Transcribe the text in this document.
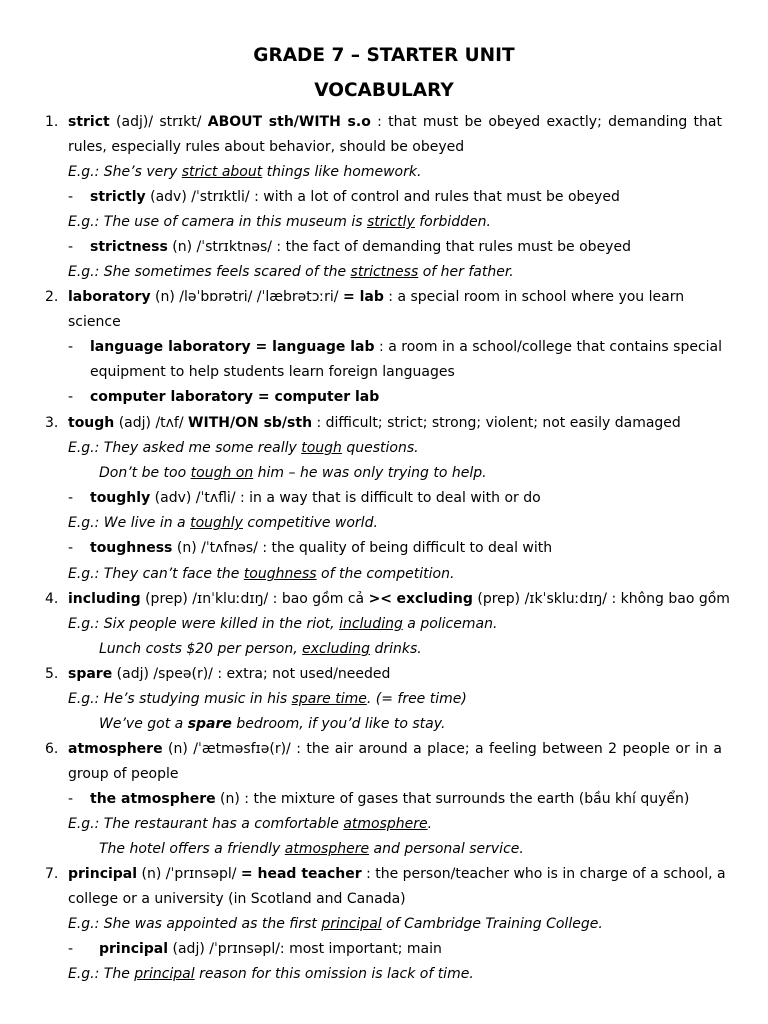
GRADE 7 – STARTER UNIT
VOCABULARY
1. strict (adj)/ strɪkt/ ABOUT sth/WITH s.o : that must be obeyed exactly; demanding that
rules, especially rules about behavior, should be obeyed
E.g.: She’s very strict about things like homework.
- strictly (adv) /ˈstrɪktli/ : with a lot of control and rules that must be obeyed
E.g.: The use of camera in this museum is strictly forbidden.
- strictness (n) /ˈstrɪktnəs/ : the fact of demanding that rules must be obeyed
E.g.: She sometimes feels scared of the strictness of her father.
2. laboratory (n) /ləˈbɒrətri/ /ˈlæbrətɔːri/ = lab : a special room in school where you learn
science
- language laboratory = language lab : a room in a school/college that contains special
equipment to help students learn foreign languages
- computer laboratory = computer lab
3. tough (adj) /tʌf/ WITH/ON sb/sth : difficult; strict; strong; violent; not easily damaged
E.g.: They asked me some really tough questions.
Don’t be too tough on him – he was only trying to help.
- toughly (adv) /ˈtʌfli/ : in a way that is difficult to deal with or do
E.g.: We live in a toughly competitive world.
- toughness (n) /ˈtʌfnəs/ : the quality of being difficult to deal with
E.g.: They can’t face the toughness of the competition.
4. including (prep) /ɪnˈkluːdɪŋ/ : bao gồm cả >< excluding (prep) /ɪkˈskluːdɪŋ/ : không bao gồm
E.g.: Six people were killed in the riot, including a policeman.
Lunch costs $20 per person, excluding drinks.
5. spare (adj) /speə(r)/ : extra; not used/needed
E.g.: He’s studying music in his spare time. (= free time)
We’ve got a spare bedroom, if you’d like to stay.
6. atmosphere (n) /ˈætməsfɪə(r)/ : the air around a place; a feeling between 2 people or in a
group of people
- the atmosphere (n) : the mixture of gases that surrounds the earth (bầu khí quyển)
E.g.: The restaurant has a comfortable atmosphere.
The hotel offers a friendly atmosphere and personal service.
7. principal (n) /ˈprɪnsəpl/ = head teacher : the person/teacher who is in charge of a school, a
college or a university (in Scotland and Canada)
E.g.: She was appointed as the first principal of Cambridge Training College.
- principal (adj) /ˈprɪnsəpl/: most important; main
E.g.: The principal reason for this omission is lack of time.
